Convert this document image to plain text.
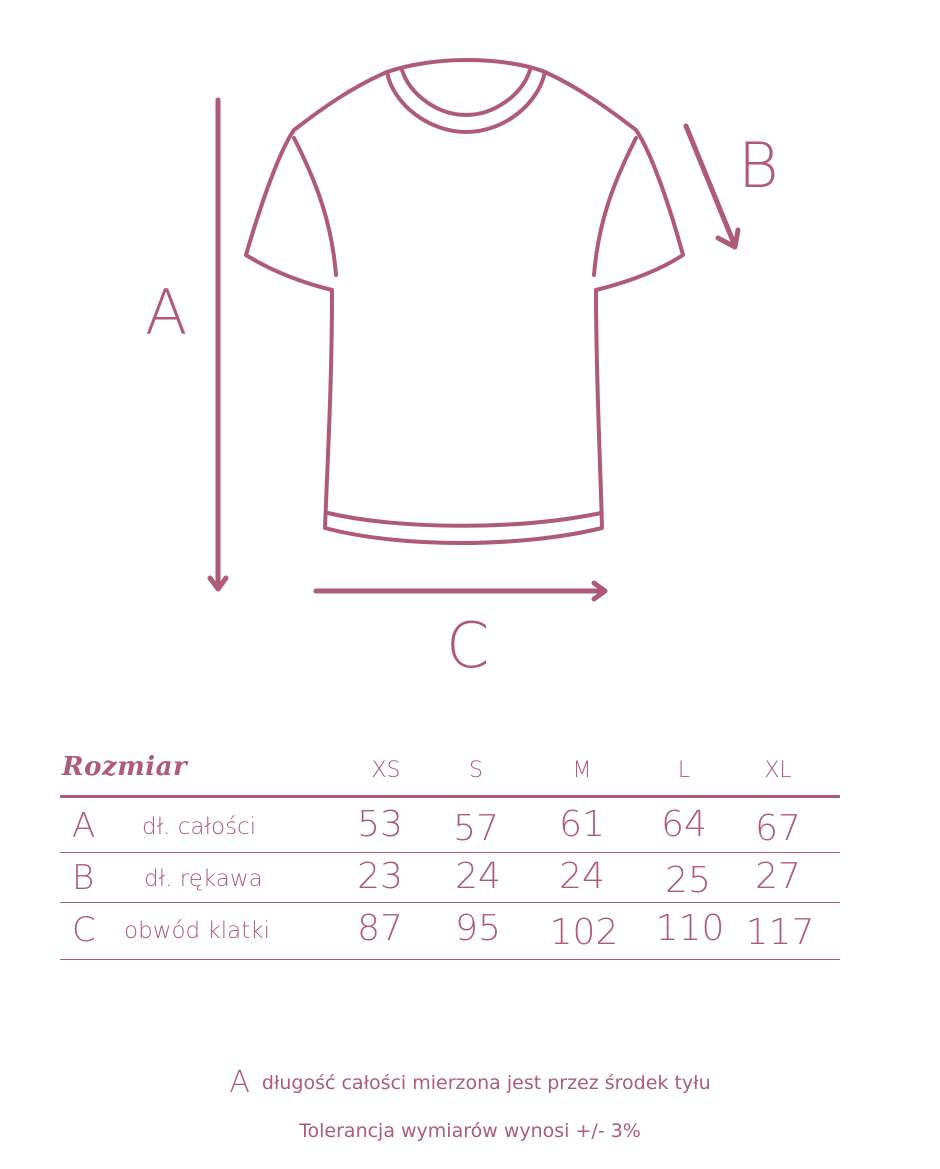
A
B
C
Rozmiar	XS	S	M	L	XL
A dł. całości	53	57	61	64	67
B dł. rękawa	23	24	24	25	27
C obwód klatki	87	95	102 110 117
Adługość całości mierzona jest przez środek tyłu
Tolerancja wymiarów wynosi +/- 3%
